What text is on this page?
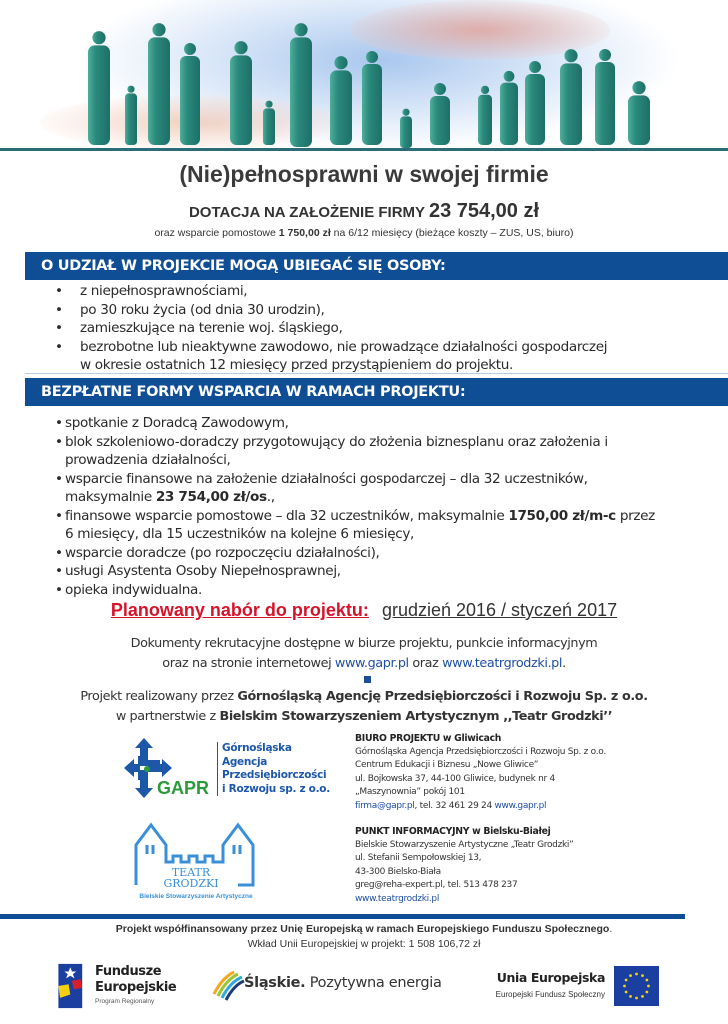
(Nie)pełnosprawni w swojej firmie
DOTACJA NA ZAŁOŻENIE FIRMY 23 754,00 zł
oraz wsparcie pomostowe 1 750,00 zł na 6/12 miesięcy (bieżące koszty – ZUS, US, biuro)
O UDZIAŁ W PROJEKCIE MOGĄ UBIEGAĆ SIĘ OSOBY:
• z niepełnosprawnościami,
• po 30 roku życia (od dnia 30 urodzin),
• zamieszkujące na terenie woj. śląskiego,
• bezrobotne lub nieaktywne zawodowo, nie prowadzące działalności gospodarczej w okresie ostatnich 12 miesięcy przed przystąpieniem do projektu.
BEZPŁATNE FORMY WSPARCIA W RAMACH PROJEKTU:
• spotkanie z Doradcą Zawodowym,
• blok szkoleniowo-doradczy przygotowujący do złożenia biznesplanu oraz założenia i prowadzenia działalności,
• wsparcie finansowe na założenie działalności gospodarczej – dla 32 uczestników, maksymalnie 23 754,00 zł/os.,
• finansowe wsparcie pomostowe – dla 32 uczestników, maksymalnie 1750,00 zł/m-c przez 6 miesięcy, dla 15 uczestników na kolejne 6 miesięcy,
• wsparcie doradcze (po rozpoczęciu działalności),
• usługi Asystenta Osoby Niepełnosprawnej,
• opieka indywidualna.
Planowany nabór do projektu: grudzień 2016 / styczeń 2017
Dokumenty rekrutacyjne dostępne w biurze projektu, punkcie informacyjnym
oraz na stronie internetowej www.gapr.pl oraz www.teatrgrodzki.pl.
Projekt realizowany przez Górnośląską Agencję Przedsiębiorczości i Rozwoju Sp. z o.o.
w partnerstwie z Bielskim Stowarzyszeniem Artystycznym ,,Teatr Grodzki’’
GAPR
Górnośląska
Agencja
Przedsiębiorczości
i Rozwoju sp. z o.o.
BIURO PROJEKTU w Gliwicach
Górnośląska Agencja Przedsiębiorczości i Rozwoju Sp. z o.o.
Centrum Edukacji i Biznesu „Nowe Gliwice”
ul. Bojkowska 37, 44-100 Gliwice, budynek nr 4
„Maszynownia” pokój 101
firma@gapr.pl, tel. 32 461 29 24 www.gapr.pl
TEATR
GRODZKI
Bielskie Stowarzyszenie Artystyczne
PUNKT INFORMACYJNY w Bielsku-Białej
Bielskie Stowarzyszenie Artystyczne „Teatr Grodzki”
ul. Stefanii Sempołowskiej 13,
43-300 Bielsko-Biała
greg@reha-expert.pl, tel. 513 478 237
www.teatrgrodzki.pl
Projekt współfinansowany przez Unię Europejską w ramach Europejskiego Funduszu Społecznego.
Wkład Unii Europejskiej w projekt: 1 508 106,72 zł
Fundusze
Europejskie
Program Regionalny
Śląskie. Pozytywna energia	Unia Europejska
Europejski Fundusz Społeczny
